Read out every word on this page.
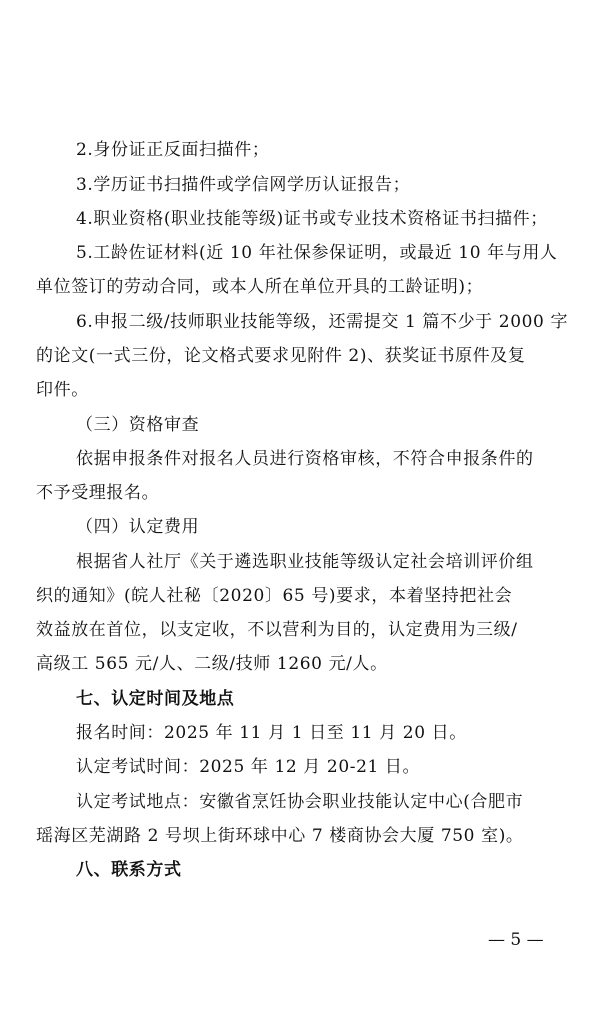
2.身份证正反面扫描件；
3.学历证书扫描件或学信网学历认证报告；
4.职业资格(职业技能等级)证书或专业技术资格证书扫描件；
5.工龄佐证材料(近 10 年社保参保证明，或最近 10 年与用人
单位签订的劳动合同，或本人所在单位开具的工龄证明)；
6.申报二级/技师职业技能等级，还需提交 1 篇不少于 2000 字
的论文(一式三份，论文格式要求见附件 2)、获奖证书原件及复
印件。
（三）资格审查
依据申报条件对报名人员进行资格审核，不符合申报条件的
不予受理报名。
（四）认定费用
根据省人社厅《关于遴选职业技能等级认定社会培训评价组
织的通知》(皖人社秘〔2020〕65 号)要求，本着坚持把社会
效益放在首位，以支定收，不以营利为目的，认定费用为三级/
高级工 565 元/人、二级/技师 1260 元/人。
七、认定时间及地点
报名时间：2025 年 11 月 1 日至 11 月 20 日。
认定考试时间：2025 年 12 月 20-21 日。
认定考试地点：安徽省烹饪协会职业技能认定中心(合肥市
瑶海区芜湖路 2 号坝上街环球中心 7 楼商协会大厦 750 室)。
八、联系方式
— 5 —
